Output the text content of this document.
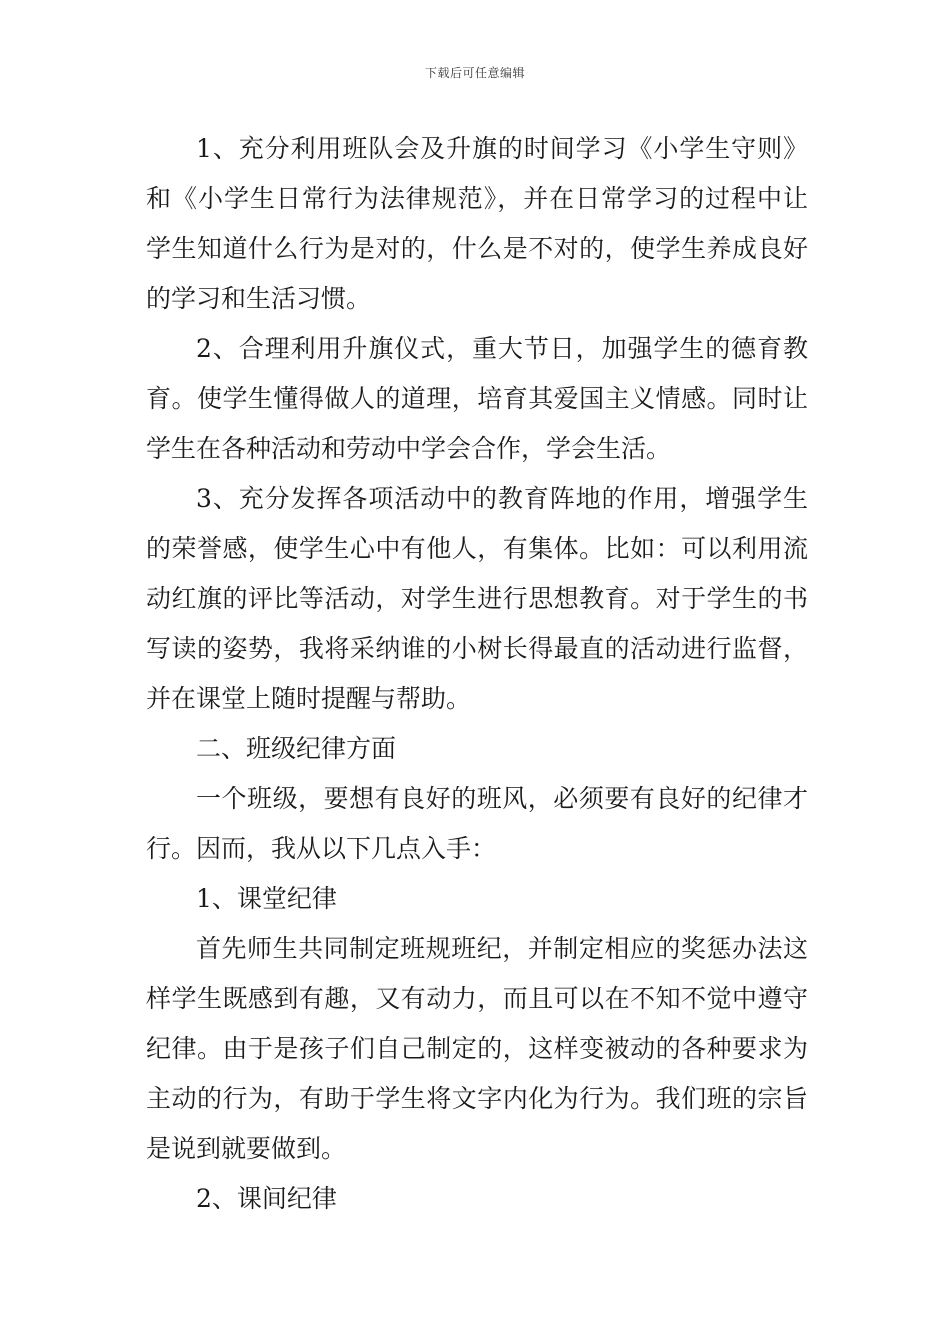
下载后可任意编辑

1、充分利用班队会及升旗的时间学习《小学生守则》和《小学生日常行为法律规范》，并在日常学习的过程中让学生知道什么行为是对的，什么是不对的，使学生养成良好的学习和生活习惯。

2、合理利用升旗仪式，重大节日，加强学生的德育教育。使学生懂得做人的道理，培育其爱国主义情感。同时让学生在各种活动和劳动中学会合作，学会生活。

3、充分发挥各项活动中的教育阵地的作用，增强学生的荣誉感，使学生心中有他人，有集体。比如：可以利用流动红旗的评比等活动，对学生进行思想教育。对于学生的书写读的姿势，我将采纳谁的小树长得最直的活动进行监督，并在课堂上随时提醒与帮助。

二、班级纪律方面

一个班级，要想有良好的班风，必须要有良好的纪律才行。因而，我从以下几点入手：

1、课堂纪律

首先师生共同制定班规班纪，并制定相应的奖惩办法这样学生既感到有趣，又有动力，而且可以在不知不觉中遵守纪律。由于是孩子们自己制定的，这样变被动的各种要求为主动的行为，有助于学生将文字内化为行为。我们班的宗旨是说到就要做到。

2、课间纪律
